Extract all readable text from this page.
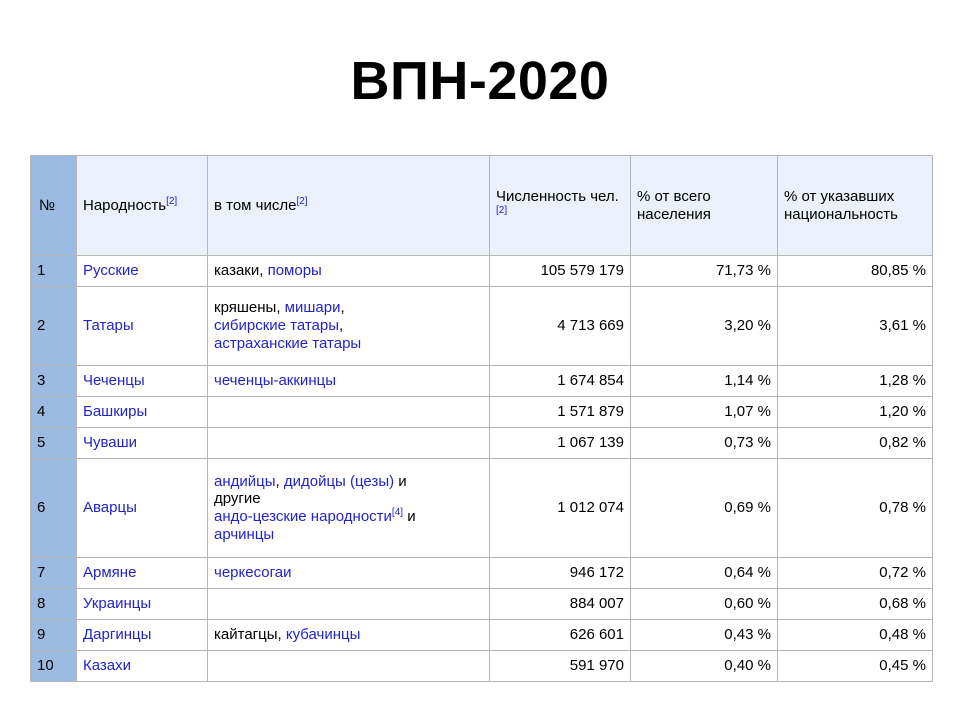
ВПН-2020
№	Народность[2]	в том числе[2]	Численность чел.[2]	% от всего населения	% от указавших национальность
1	Русские	казаки, поморы	105 579 179	71,73 %	80,85 %
2	Татары	кряшены, мишари,
сибирские татары,
астраханские татары	4 713 669	3,20 %	3,61 %
3	Чеченцы	чеченцы-аккинцы	1 674 854	1,14 %	1,28 %
4	Башкиры		1 571 879	1,07 %	1,20 %
5	Чуваши		1 067 139	0,73 %	0,82 %
6	Аварцы	андийцы, дидойцы (цезы) и
другие
андо-цезские народности[4] и
арчинцы	1 012 074	0,69 %	0,78 %
7	Армяне	черкесогаи	946 172	0,64 %	0,72 %
8	Украинцы		884 007	0,60 %	0,68 %
9	Даргинцы	кайтагцы, кубачинцы	626 601	0,43 %	0,48 %
10	Казахи		591 970	0,40 %	0,45 %
